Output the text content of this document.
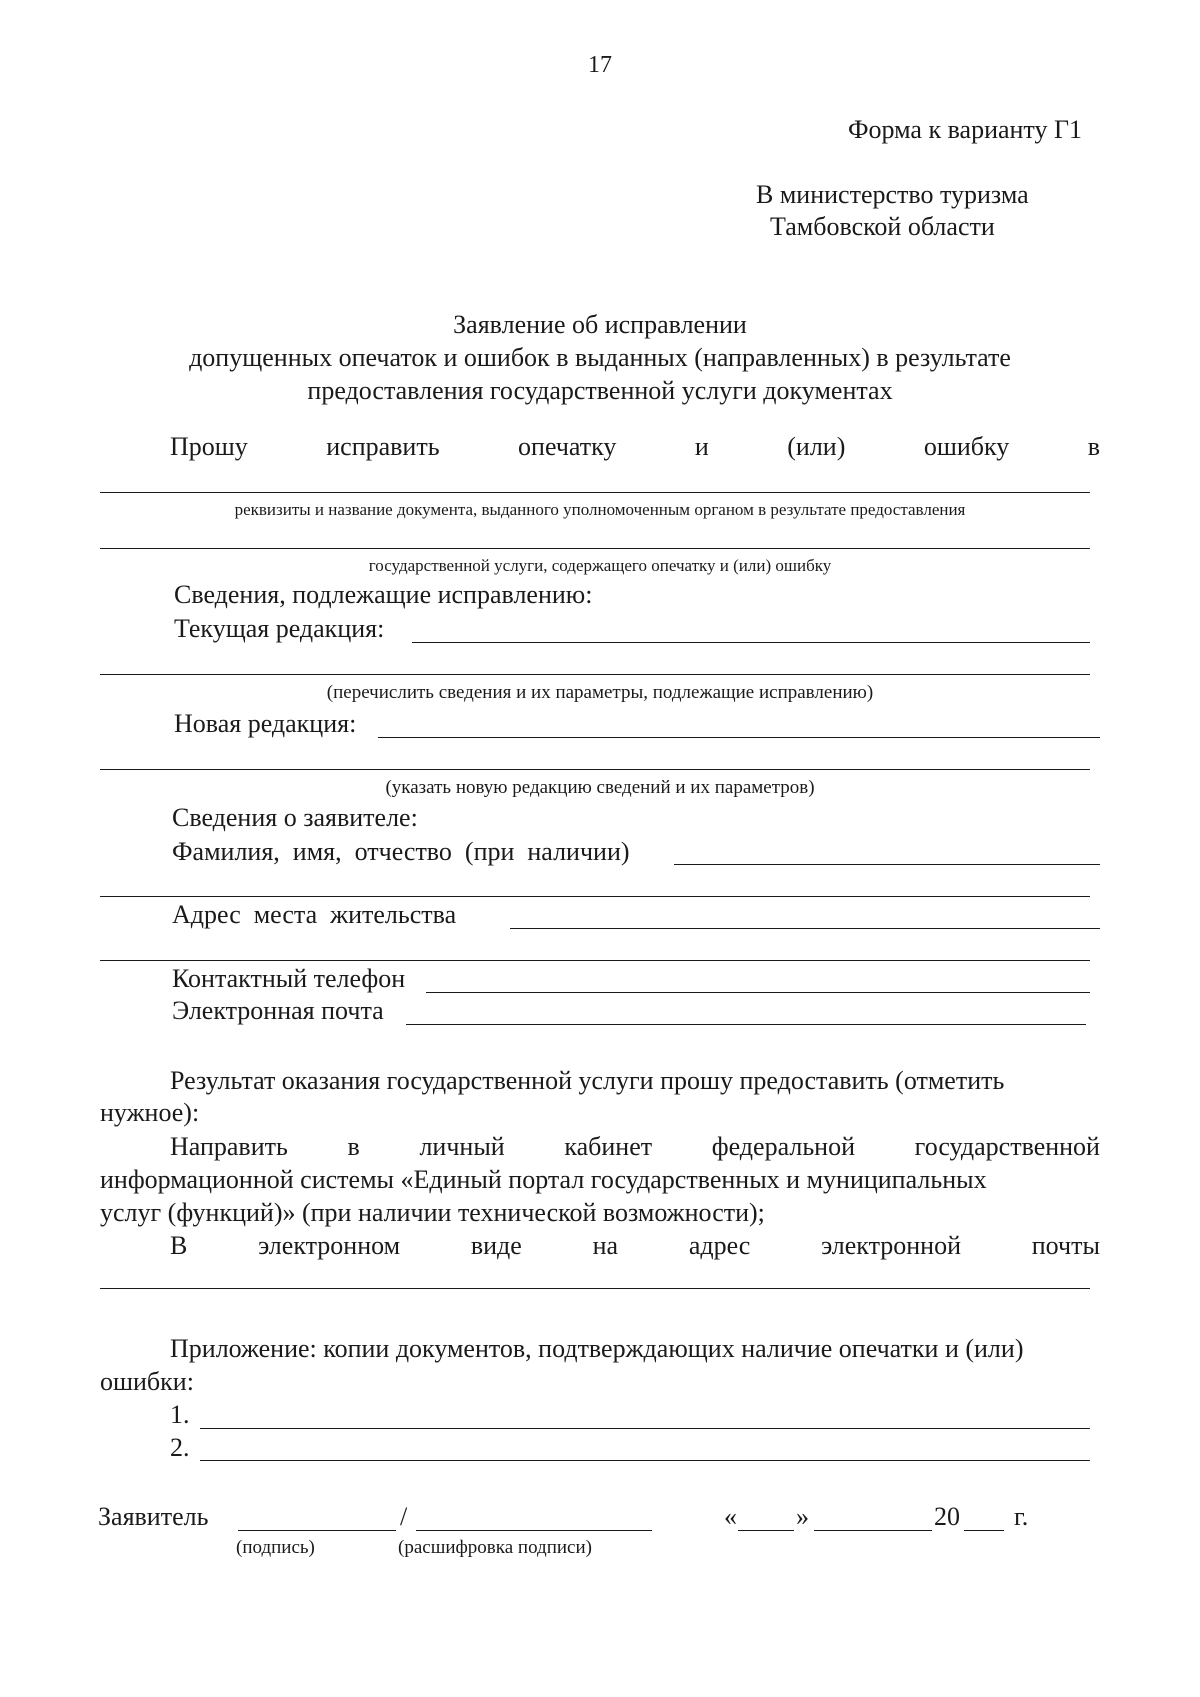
17
Форма к варианту Г1
В министерство туризма
Тамбовской области
Заявление об исправлении
допущенных опечаток и ошибок в выданных (направленных) в результате
предоставления государственной услуги документах
Прошу	исправить	опечатку	и	(или)	ошибку	в
реквизиты и название документа, выданного уполномоченным органом в результате предоставления
государственной услуги, содержащего опечатку и (или) ошибку
Сведения, подлежащие исправлению:
Текущая редакция:
(перечислить сведения и их параметры, подлежащие исправлению)
Новая редакция:
(указать новую редакцию сведений и их параметров)
Сведения о заявителе:
Фамилия,  имя,  отчество  (при  наличии)
Адрес  места  жительства
Контактный телефон
Электронная почта
Результат оказания государственной услуги прошу предоставить (отметить
нужное):
Направить в личный кабинет федеральной государственной
информационной системы «Единый портал государственных и муниципальных
услуг (функций)» (при наличии технической возможности);
В	электронном	виде	на	адрес	электронной	почты
Приложение: копии документов, подтверждающих наличие опечатки и (или)
ошибки:
1.
2.
Заявитель	/
(подпись)	(расшифровка подписи)
« »	20 г.
